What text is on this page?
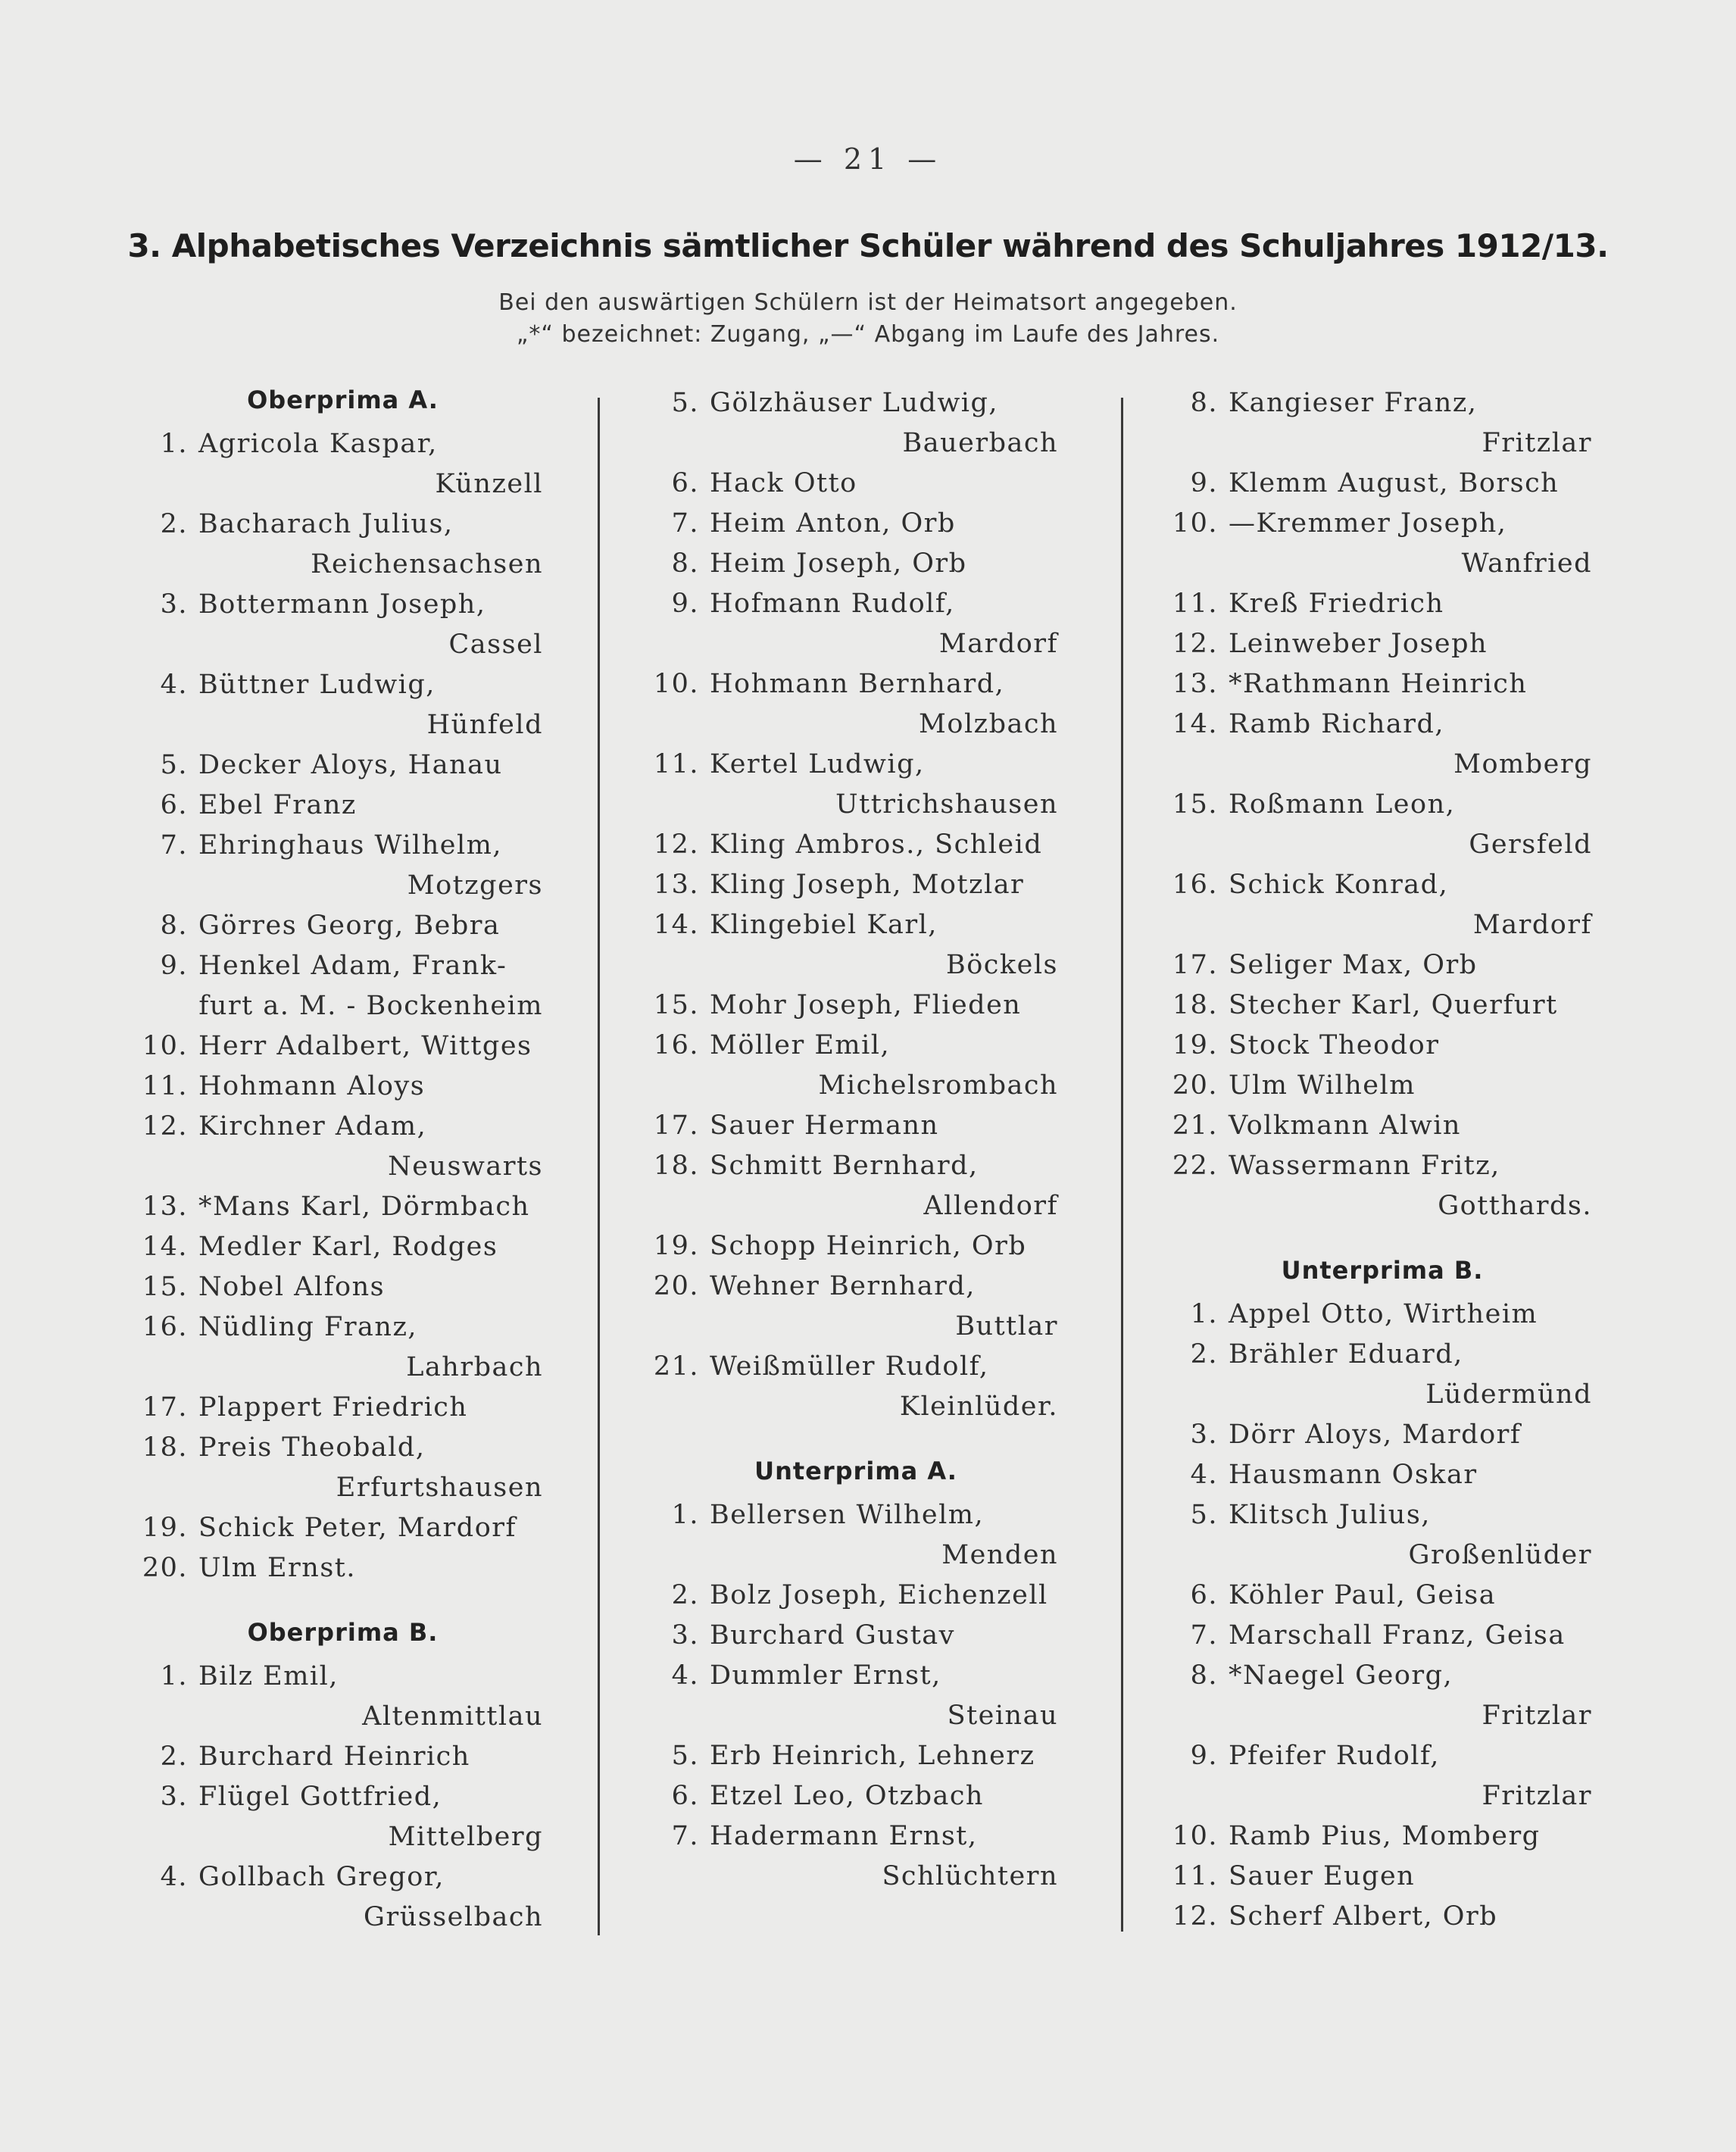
— 21 —
3. Alphabetisches Verzeichnis sämtlicher Schüler während des Schuljahres 1912/13.
Bei den auswärtigen Schülern ist der Heimatsort angegeben.
„*“ bezeichnet: Zugang, „—“ Abgang im Laufe des Jahres.
Oberprima A.
1. Agricola Kaspar,
Künzell
2. Bacharach Julius,
Reichensachsen
3. Bottermann Joseph,
Cassel
4. Büttner Ludwig,
Hünfeld
5. Decker Aloys, Hanau
6. Ebel Franz
7. Ehringhaus Wilhelm,
Motzgers
8. Görres Georg, Bebra
9. Henkel Adam, Frank-
furt a. M. - Bockenheim
10. Herr Adalbert, Wittges
11. Hohmann Aloys
12. Kirchner Adam,
Neuswarts
13. *Mans Karl, Dörmbach
14. Medler Karl, Rodges
15. Nobel Alfons
16. Nüdling Franz,
Lahrbach
17. Plappert Friedrich
18. Preis Theobald,
Erfurtshausen
19. Schick Peter, Mardorf
20. Ulm Ernst.
Oberprima B.
1. Bilz Emil,
Altenmittlau
2. Burchard Heinrich
3. Flügel Gottfried,
Mittelberg
4. Gollbach Gregor,
Grüsselbach
5. Gölzhäuser Ludwig,
Bauerbach
6. Hack Otto
7. Heim Anton, Orb
8. Heim Joseph, Orb
9. Hofmann Rudolf,
Mardorf
10. Hohmann Bernhard,
Molzbach
11. Kertel Ludwig,
Uttrichshausen
12. Kling Ambros., Schleid
13. Kling Joseph, Motzlar
14. Klingebiel Karl,
Böckels
15. Mohr Joseph, Flieden
16. Möller Emil,
Michelsrombach
17. Sauer Hermann
18. Schmitt Bernhard,
Allendorf
19. Schopp Heinrich, Orb
20. Wehner Bernhard,
Buttlar
21. Weißmüller Rudolf,
Kleinlüder.
Unterprima A.
1. Bellersen Wilhelm,
Menden
2. Bolz Joseph, Eichenzell
3. Burchard Gustav
4. Dummler Ernst,
Steinau
5. Erb Heinrich, Lehnerz
6. Etzel Leo, Otzbach
7. Hadermann Ernst,
Schlüchtern
8. Kangieser Franz,
Fritzlar
9. Klemm August, Borsch
10. —Kremmer Joseph,
Wanfried
11. Kreß Friedrich
12. Leinweber Joseph
13. *Rathmann Heinrich
14. Ramb Richard,
Momberg
15. Roßmann Leon,
Gersfeld
16. Schick Konrad,
Mardorf
17. Seliger Max, Orb
18. Stecher Karl, Querfurt
19. Stock Theodor
20. Ulm Wilhelm
21. Volkmann Alwin
22. Wassermann Fritz,
Gotthards.
Unterprima B.
1. Appel Otto, Wirtheim
2. Brähler Eduard,
Lüdermünd
3. Dörr Aloys, Mardorf
4. Hausmann Oskar
5. Klitsch Julius,
Großenlüder
6. Köhler Paul, Geisa
7. Marschall Franz, Geisa
8. *Naegel Georg,
Fritzlar
9. Pfeifer Rudolf,
Fritzlar
10. Ramb Pius, Momberg
11. Sauer Eugen
12. Scherf Albert, Orb
